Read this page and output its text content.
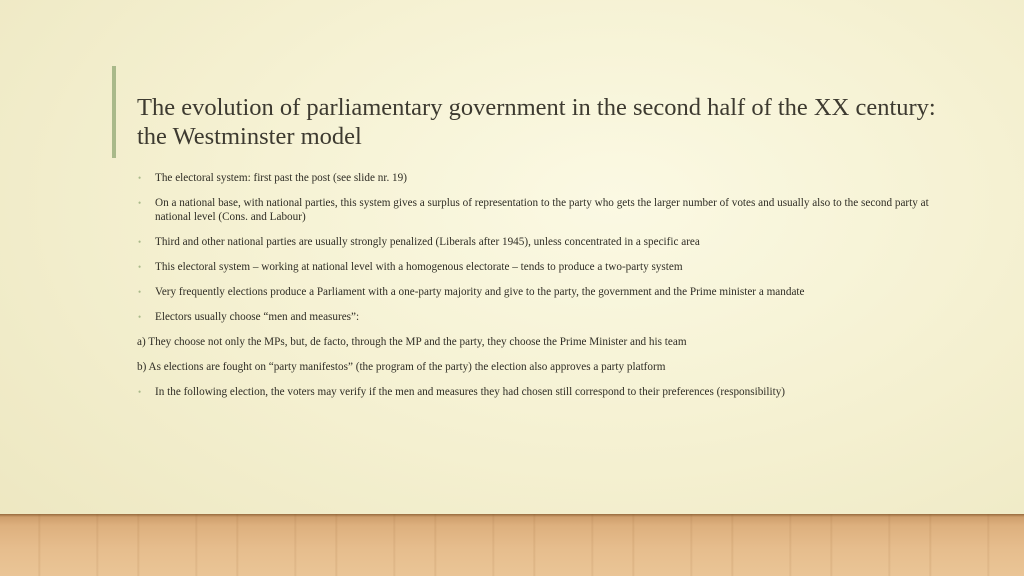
The evolution of parliamentary government in the second half of the XX century: the Westminster model
• The electoral system: first past the post (see slide nr. 19)
• On a national base, with national parties, this system gives a surplus of representation to the party who gets the larger number of votes and usually also to the second party at national level (Cons. and Labour)
• Third and other national parties are usually strongly penalized (Liberals after 1945), unless concentrated in a specific area
• This electoral system – working at national level with a homogenous electorate – tends to produce a two-party system
• Very frequently elections produce a Parliament with a one-party majority and give to the party, the government and the Prime minister a mandate
• Electors usually choose “men and measures”:
a) They choose not only the MPs, but, de facto, through the MP and the party, they choose the Prime Minister and his team
b) As elections are fought on “party manifestos” (the program of the party) the election also approves a party platform
• In the following election, the voters may verify if the men and measures they had chosen still correspond to their preferences (responsibility)
